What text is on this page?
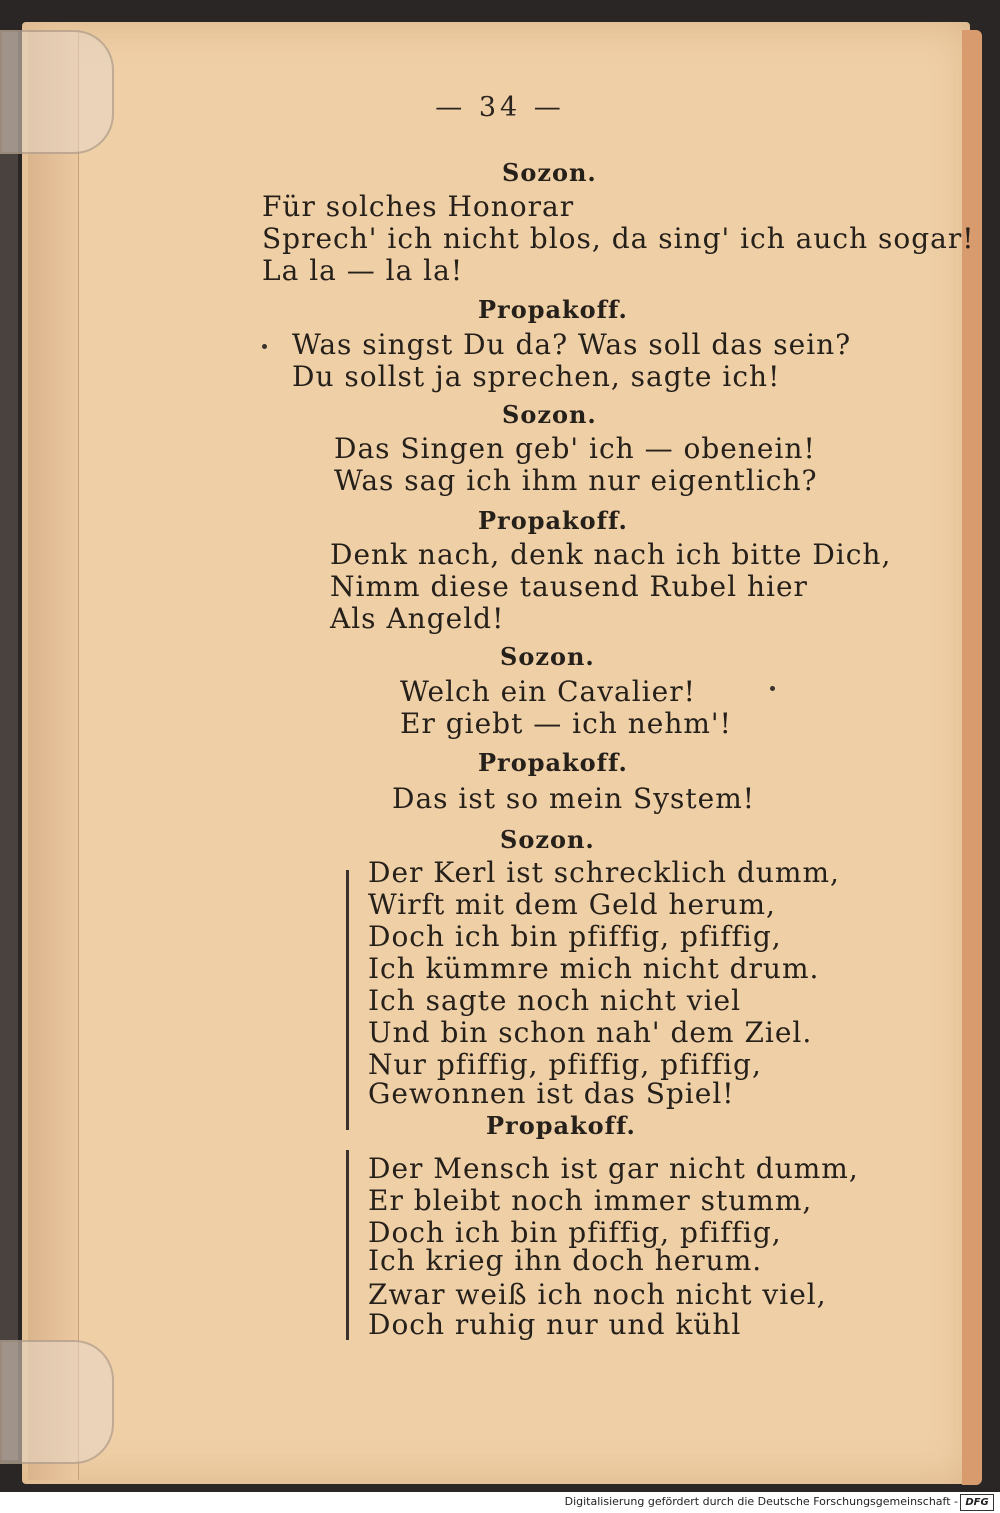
— 34 —
Sozon.
Für solches Honorar
Sprech' ich nicht blos, da sing' ich auch sogar!
La la — la la!
Propakoff.
Was singst Du da? Was soll das sein?
Du sollst ja sprechen, sagte ich!
Sozon.
Das Singen geb' ich — obenein!
Was sag ich ihm nur eigentlich?
Propakoff.
Denk nach, denk nach ich bitte Dich,
Nimm diese tausend Rubel hier
Als Angeld!
Sozon.
Welch ein Cavalier!
Er giebt — ich nehm'!
Propakoff.
Das ist so mein System!
Sozon.
Der Kerl ist schrecklich dumm,
Wirft mit dem Geld herum,
Doch ich bin pfiffig, pfiffig,
Ich kümmre mich nicht drum.
Ich sagte noch nicht viel
Und bin schon nah' dem Ziel.
Nur pfiffig, pfiffig, pfiffig,
Gewonnen ist das Spiel!
Propakoff.
Der Mensch ist gar nicht dumm,
Er bleibt noch immer stumm,
Doch ich bin pfiffig, pfiffig,
Ich krieg ihn doch herum.
Zwar weiß ich noch nicht viel,
Doch ruhig nur und kühl
Digitalisierung gefördert durch die Deutsche Forschungsgemeinschaft - DFG
